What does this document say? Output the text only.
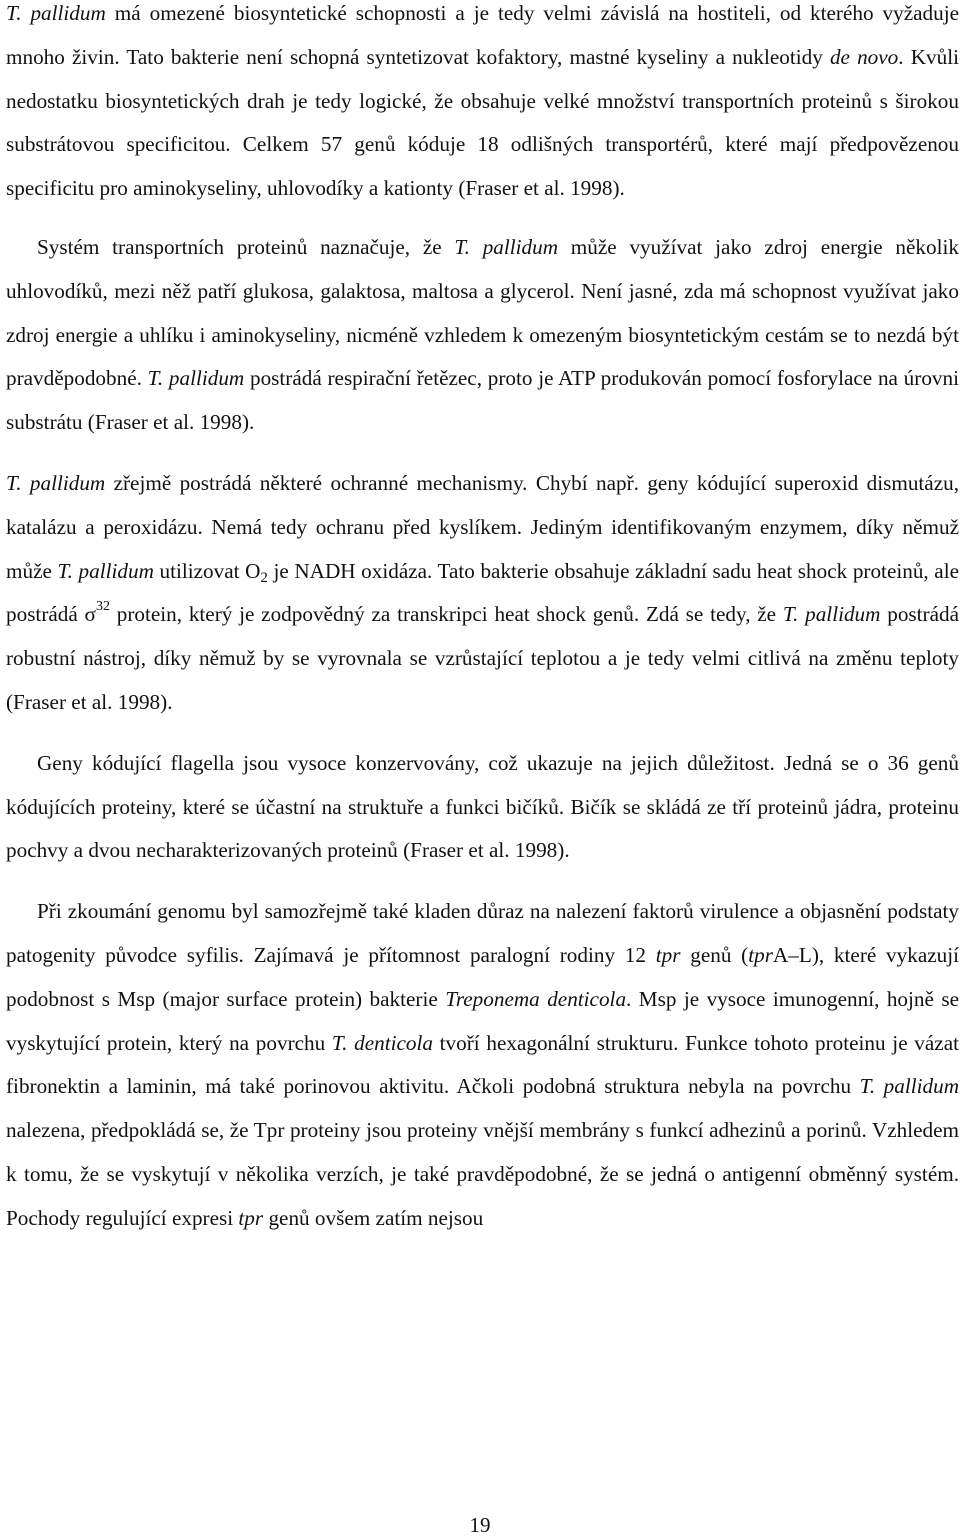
T. pallidum má omezené biosyntetické schopnosti a je tedy velmi závislá na hostiteli, od kterého vyžaduje mnoho živin. Tato bakterie není schopná syntetizovat kofaktory, mastné kyseliny a nukleotidy de novo. Kvůli nedostatku biosyntetických drah je tedy logické, že obsahuje velké množství transportních proteinů s širokou substrátovou specificitou. Celkem 57 genů kóduje 18 odlišných transportérů, které mají předpovězenou specificitu pro aminokyseliny, uhlovodíky a kationty (Fraser et al. 1998).

Systém transportních proteinů naznačuje, že T. pallidum může využívat jako zdroj energie několik uhlovodíků, mezi něž patří glukosa, galaktosa, maltosa a glycerol. Není jasné, zda má schopnost využívat jako zdroj energie a uhlíku i aminokyseliny, nicméně vzhledem k omezeným biosyntetickým cestám se to nezdá být pravděpodobné. T. pallidum postrádá respirační řetězec, proto je ATP produkován pomocí fosforylace na úrovni substrátu (Fraser et al. 1998).

T. pallidum zřejmě postrádá některé ochranné mechanismy. Chybí např. geny kódující superoxid dismutázu, katalázu a peroxidázu. Nemá tedy ochranu před kyslíkem. Jediným identifikovaným enzymem, díky němuž může T. pallidum utilizovat $O_2$ je NADH oxidáza. Tato bakterie obsahuje základní sadu heat shock proteinů, ale postrádá $\sigma^{32}$ protein, který je zodpovědný za transkripci heat shock genů. Zdá se tedy, že T. pallidum postrádá robustní nástroj, díky němuž by se vyrovnala se vzrůstající teplotou a je tedy velmi citlivá na změnu teploty (Fraser et al. 1998).

Geny kódující flagella jsou vysoce konzervovány, což ukazuje na jejich důležitost. Jedná se o 36 genů kódujících proteiny, které se účastní na struktuře a funkci bičíků. Bičík se skládá ze tří proteinů jádra, proteinu pochvy a dvou necharakterizovaných proteinů (Fraser et al. 1998).

Při zkoumání genomu byl samozřejmě také kladen důraz na nalezení faktorů virulence a objasnění podstaty patogenity původce syfilis. Zajímavá je přítomnost paralogní rodiny 12 tpr genů (tprA–L), které vykazují podobnost s Msp (major surface protein) bakterie Treponema denticola. Msp je vysoce imunogenní, hojně se vyskytující protein, který na povrchu T. denticola tvoří hexagonální strukturu. Funkce tohoto proteinu je vázat fibronektin a laminin, má také porinovou aktivitu. Ačkoli podobná struktura nebyla na povrchu T. pallidum nalezena, předpokládá se, že Tpr proteiny jsou proteiny vnější membrány s funkcí adhezinů a porinů. Vzhledem k tomu, že se vyskytují v několika verzích, je také pravděpodobné, že se jedná o antigenní obměnný systém. Pochody regulující expresi tpr genů ovšem zatím nejsou

19
